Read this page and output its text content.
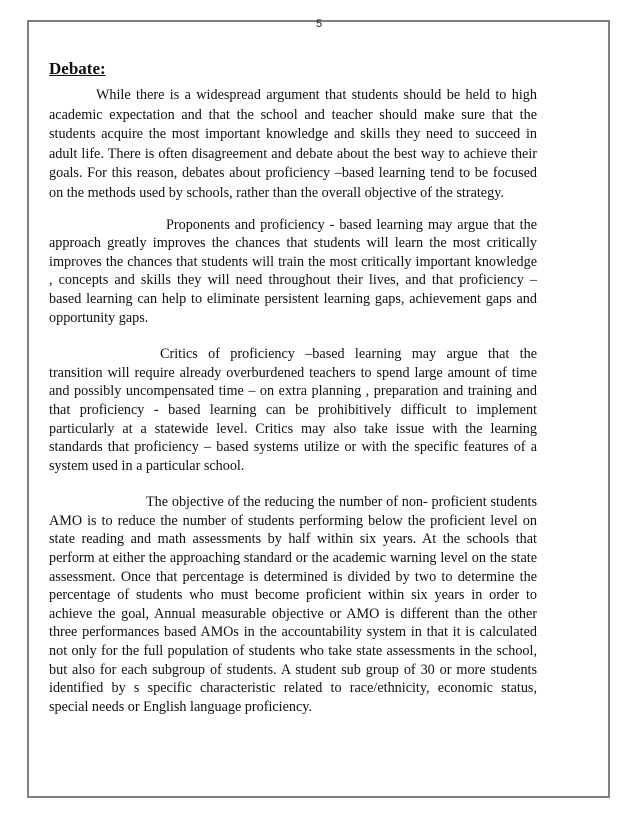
5
Debate:

While there is a widespread argument that students should be held to high academic expectation and that the school and teacher should make sure that the students acquire the most important knowledge and skills they need to succeed in adult life. There is often disagreement and debate about the best way to achieve their goals. For this reason, debates about proficiency –based learning tend to be focused on the methods used by schools, rather than the overall objective of the strategy.

Proponents and proficiency - based learning may argue that the approach greatly improves the chances that students will learn the most critically improves the chances that students will train the most critically important knowledge , concepts and skills they will need throughout their lives, and that proficiency – based learning can help to eliminate persistent learning gaps, achievement gaps and opportunity gaps.

Critics of proficiency –based learning may argue that the transition will require already overburdened teachers to spend large amount of time and possibly uncompensated time – on extra planning , preparation and training and that proficiency - based learning can be prohibitively difficult to implement particularly at a statewide level. Critics may also take issue with the learning standards that proficiency – based systems utilize or with the specific features of a system used in a particular school.

The objective of the reducing the number of non- proficient students AMO is to reduce the number of students performing below the proficient level on state reading and math assessments by half within six years. At the schools that perform at either the approaching standard or the academic warning level on the state assessment. Once that percentage is determined is divided by two to determine the percentage of students who must become proficient within six years in order to achieve the goal, Annual measurable objective or AMO is different than the other three performances based AMOs in the accountability system in that it is calculated not only for the full population of students who take state assessments in the school, but also for each subgroup of students. A student sub group of 30 or more students identified by s specific characteristic related to race/ethnicity, economic status, special needs or English language proficiency.
